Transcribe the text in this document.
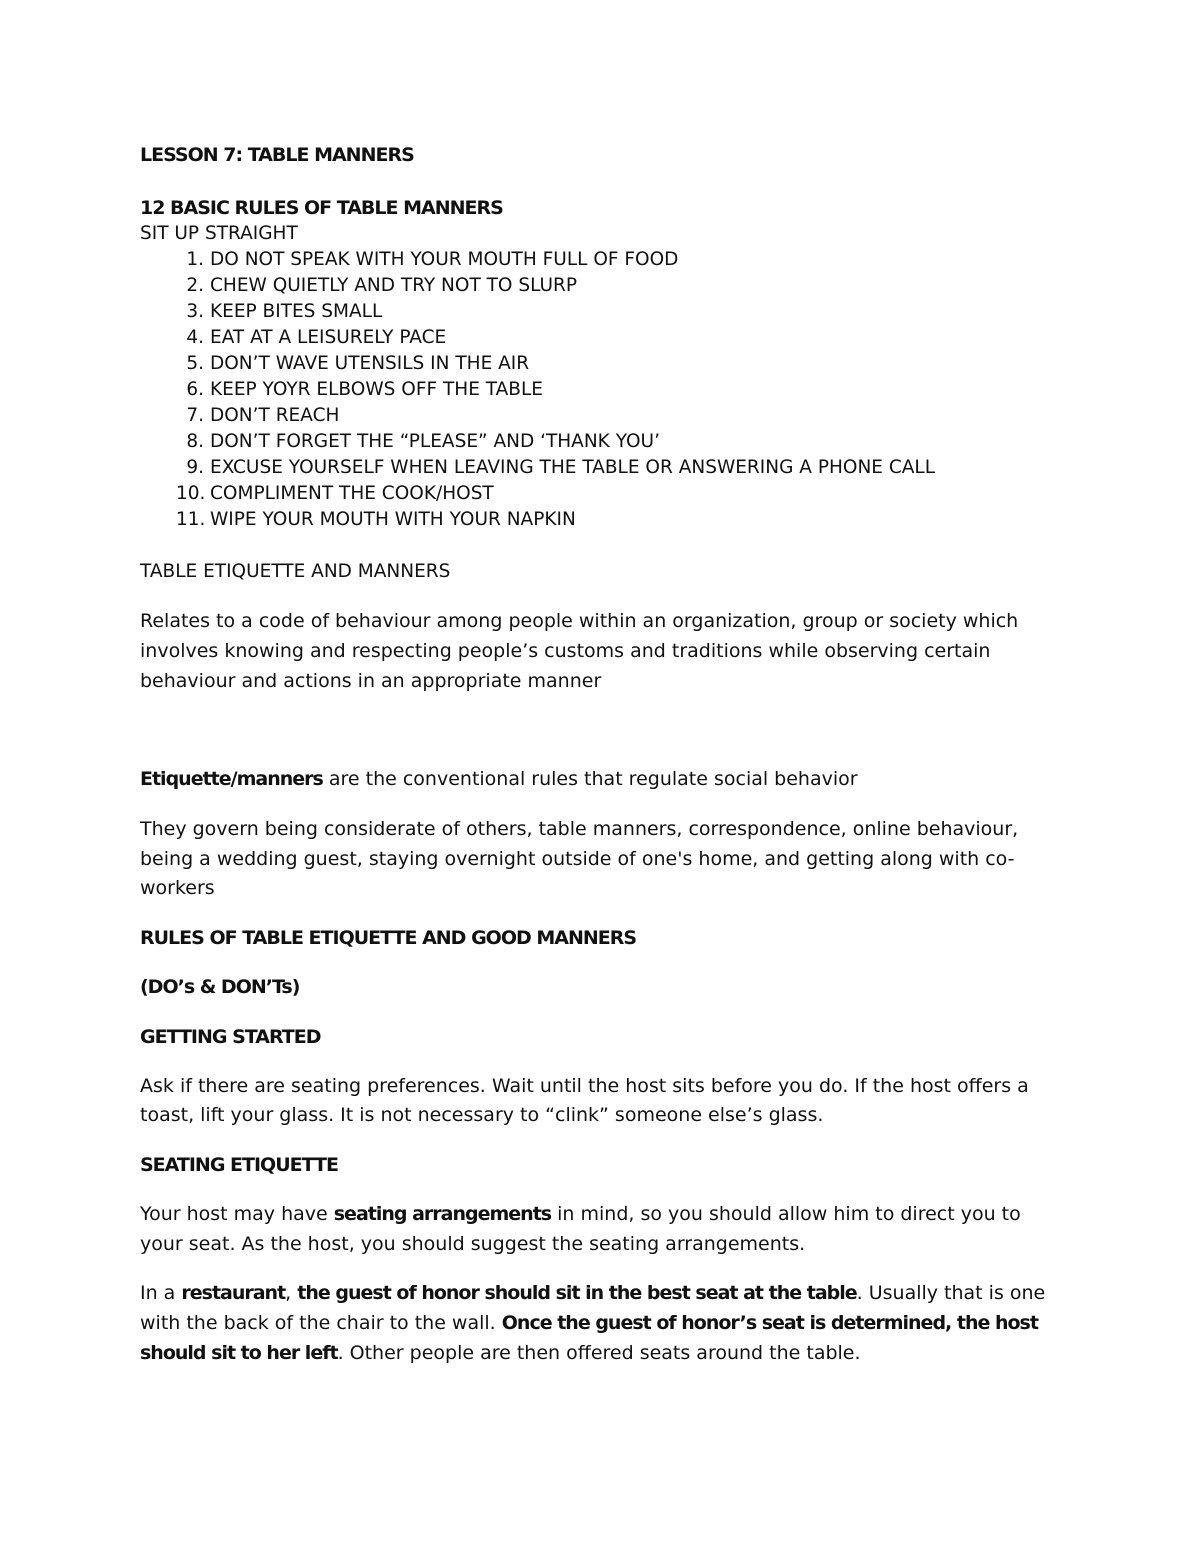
LESSON 7: TABLE MANNERS

12 BASIC RULES OF TABLE MANNERS

SIT UP STRAIGHT

1. DO NOT SPEAK WITH YOUR MOUTH FULL OF FOOD
2. CHEW QUIETLY AND TRY NOT TO SLURP
3. KEEP BITES SMALL
4. EAT AT A LEISURELY PACE
5. DON’T WAVE UTENSILS IN THE AIR
6. KEEP YOYR ELBOWS OFF THE TABLE
7. DON’T REACH
8. DON’T FORGET THE “PLEASE” AND ‘THANK YOU’
9. EXCUSE YOURSELF WHEN LEAVING THE TABLE OR ANSWERING A PHONE CALL
10. COMPLIMENT THE COOK/HOST
11. WIPE YOUR MOUTH WITH YOUR NAPKIN

TABLE ETIQUETTE AND MANNERS

Relates to a code of behaviour among people within an organization, group or society which

involves knowing and respecting people’s customs and traditions while observing certain

behaviour and actions in an appropriate manner

Etiquette/manners are the conventional rules that regulate social behavior

They govern being considerate of others, table manners, correspondence, online behaviour,

being a wedding guest, staying overnight outside of one's home, and getting along with co-

workers

RULES OF TABLE ETIQUETTE AND GOOD MANNERS

(DO’s & DON’Ts)

GETTING STARTED

Ask if there are seating preferences. Wait until the host sits before you do. If the host offers a

toast, lift your glass. It is not necessary to “clink” someone else’s glass.

SEATING ETIQUETTE

Your host may have seating arrangements in mind, so you should allow him to direct you to

your seat. As the host, you should suggest the seating arrangements.

In a restaurant, the guest of honor should sit in the best seat at the table. Usually that is one

with the back of the chair to the wall. Once the guest of honor’s seat is determined, the host

should sit to her left. Other people are then offered seats around the table.
